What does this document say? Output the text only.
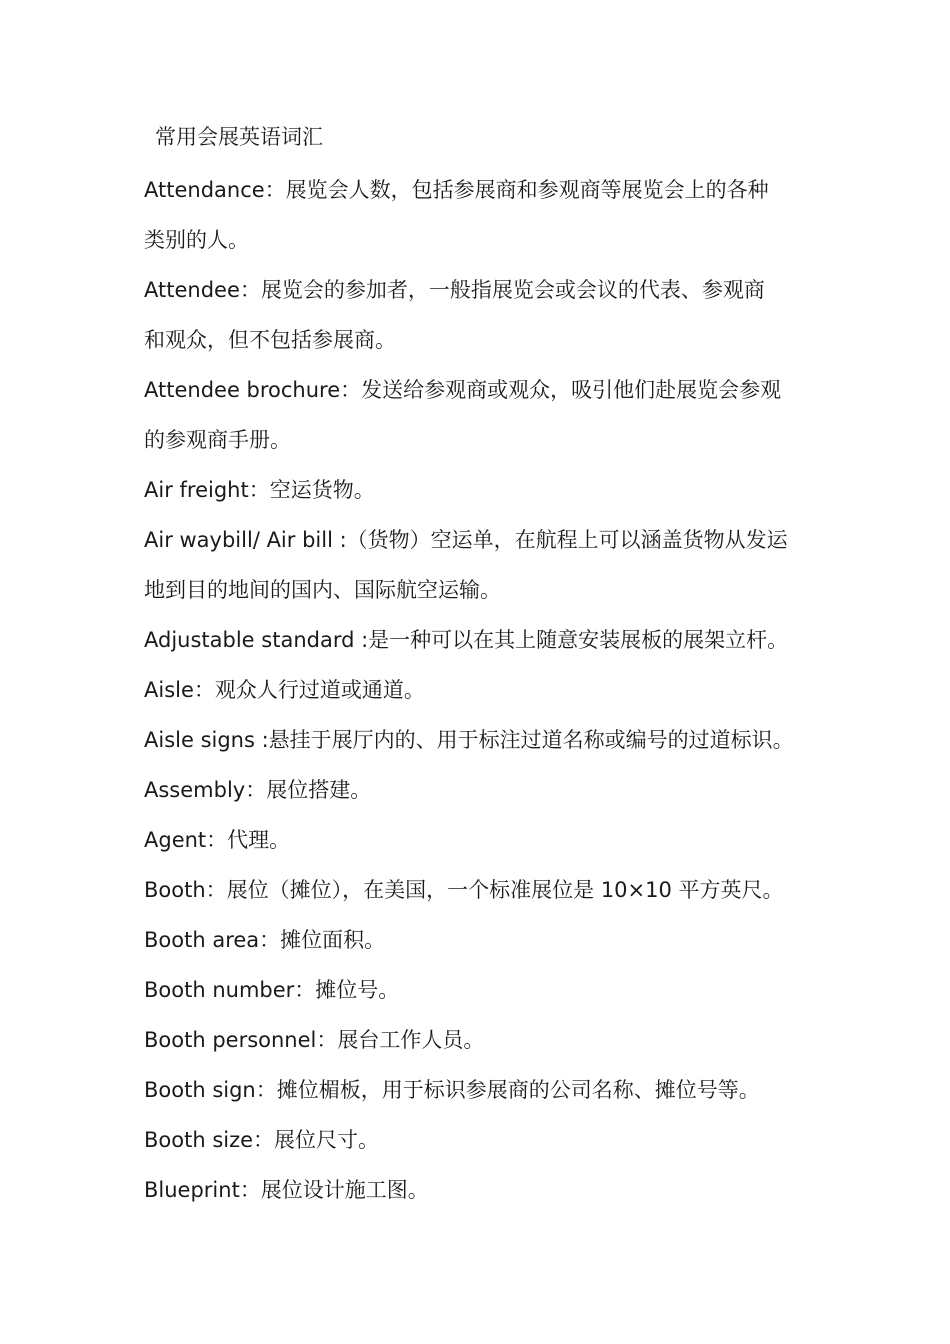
常用会展英语词汇
Attendance：展览会人数，包括参展商和参观商等展览会上的各种
类别的人。
Attendee：展览会的参加者，一般指展览会或会议的代表、参观商
和观众，但不包括参展商。
Attendee brochure：发送给参观商或观众，吸引他们赴展览会参观
的参观商手册。
Air freight：空运货物。
Air waybill/ Air bill :（货物）空运单，在航程上可以涵盖货物从发运
地到目的地间的国内、国际航空运输。
Adjustable standard :是一种可以在其上随意安装展板的展架立杆。
Aisle：观众人行过道或通道。
Aisle signs :悬挂于展厅内的、用于标注过道名称或编号的过道标识。
Assembly：展位搭建。
Agent：代理。
Booth：展位（摊位），在美国，一个标准展位是 10×10 平方英尺。
Booth area：摊位面积。
Booth number：摊位号。
Booth personnel：展台工作人员。
Booth sign：摊位楣板，用于标识参展商的公司名称、摊位号等。
Booth size：展位尺寸。
Blueprint：展位设计施工图。
